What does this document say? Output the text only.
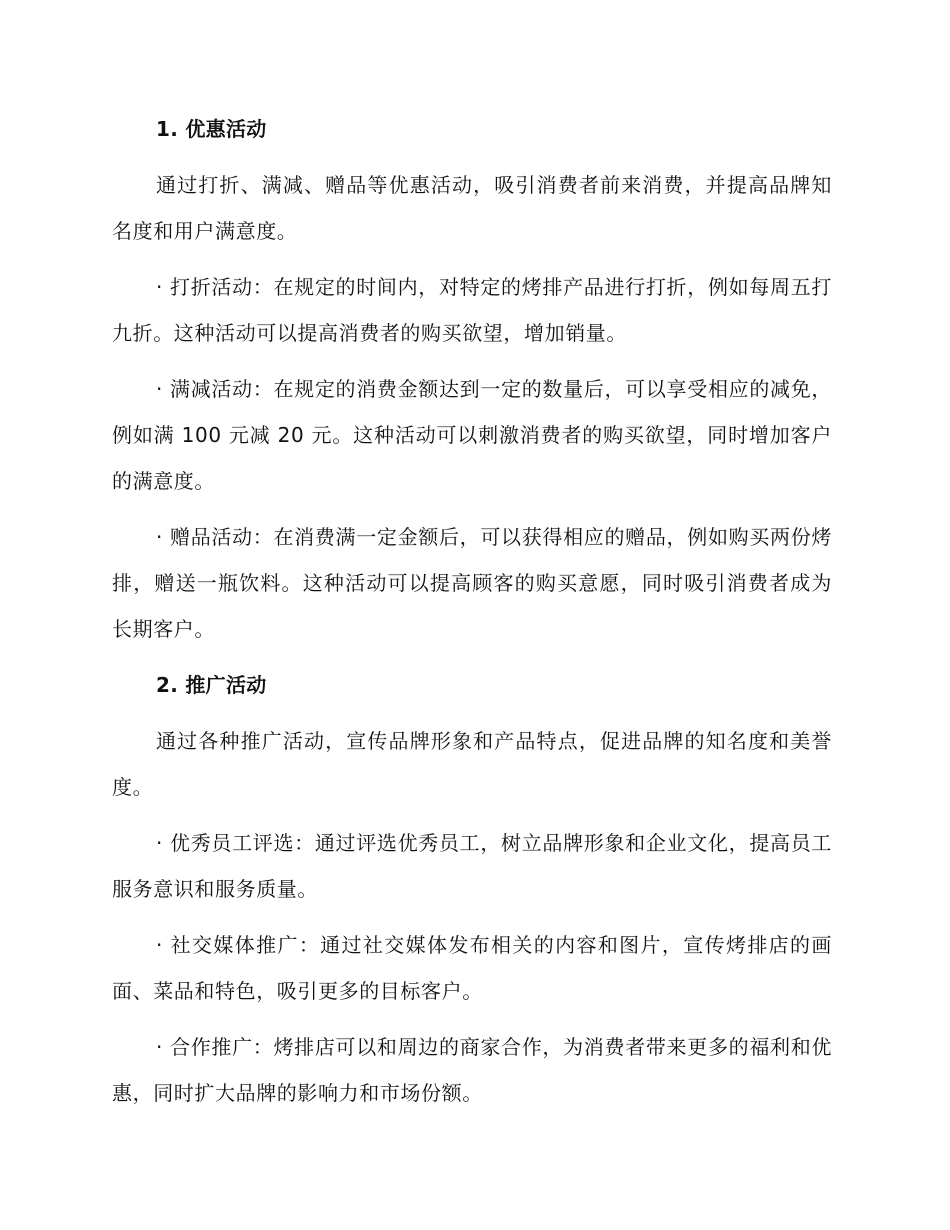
1. 优惠活动

通过打折、满减、赠品等优惠活动，吸引消费者前来消费，并提高品牌知名度和用户满意度。

· 打折活动：在规定的时间内，对特定的烤排产品进行打折，例如每周五打九折。这种活动可以提高消费者的购买欲望，增加销量。

· 满减活动：在规定的消费金额达到一定的数量后，可以享受相应的减免，例如满 100 元减 20 元。这种活动可以刺激消费者的购买欲望，同时增加客户的满意度。

· 赠品活动：在消费满一定金额后，可以获得相应的赠品，例如购买两份烤排，赠送一瓶饮料。这种活动可以提高顾客的购买意愿，同时吸引消费者成为长期客户。

2. 推广活动

通过各种推广活动，宣传品牌形象和产品特点，促进品牌的知名度和美誉度。

· 优秀员工评选：通过评选优秀员工，树立品牌形象和企业文化，提高员工服务意识和服务质量。

· 社交媒体推广：通过社交媒体发布相关的内容和图片，宣传烤排店的画面、菜品和特色，吸引更多的目标客户。

· 合作推广：烤排店可以和周边的商家合作，为消费者带来更多的福利和优惠，同时扩大品牌的影响力和市场份额。
